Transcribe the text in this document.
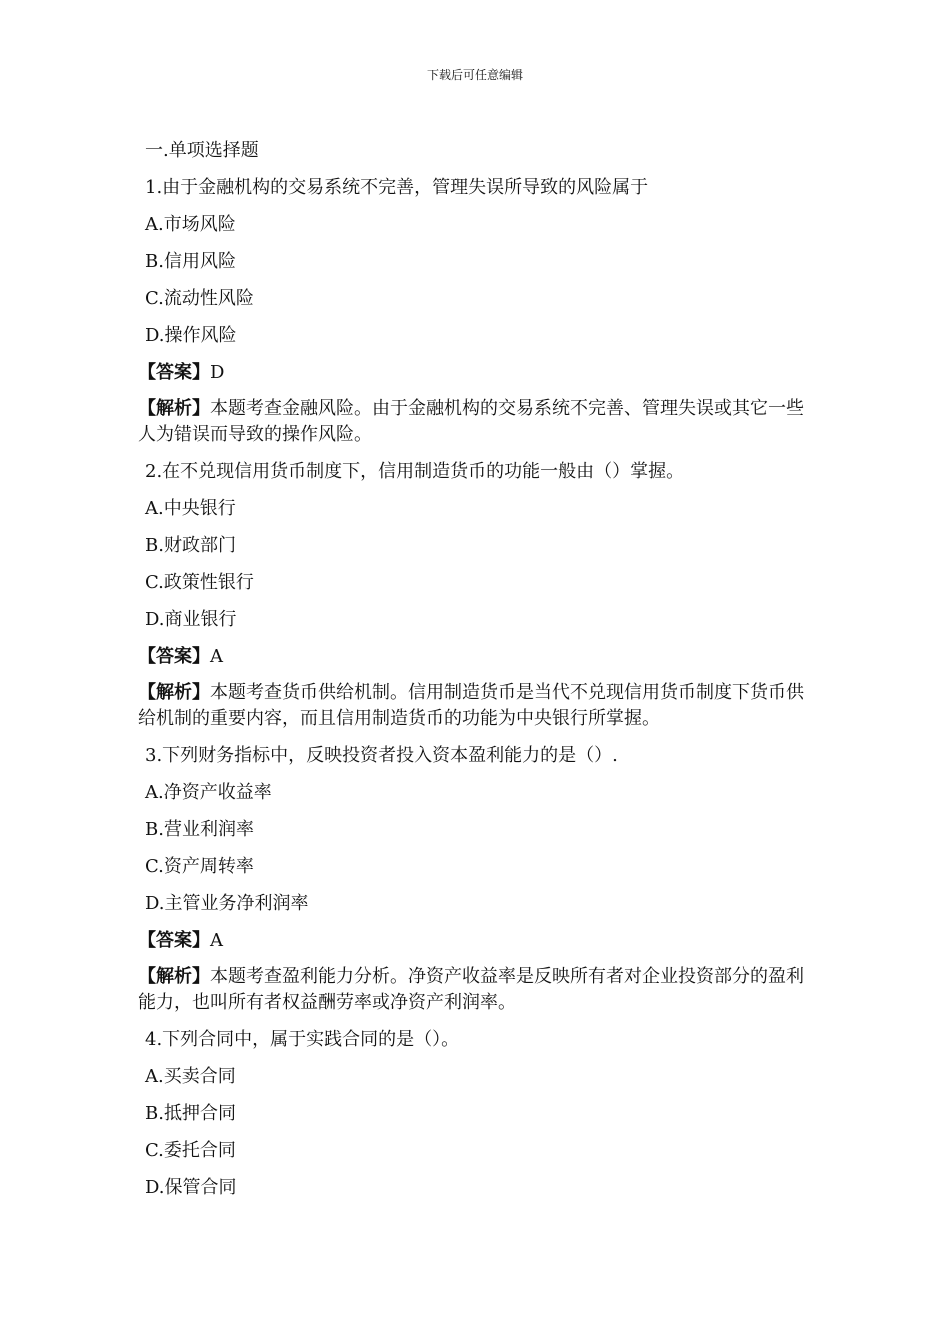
下载后可任意编辑
一.单项选择题
1.由于金融机构的交易系统不完善，管理失误所导致的风险属于
A.市场风险
B.信用风险
C.流动性风险
D.操作风险
【答案】D
【解析】本题考查金融风险。由于金融机构的交易系统不完善、管理失误或其它一些人为错误而导致的操作风险。
2.在不兑现信用货币制度下，信用制造货币的功能一般由（）掌握。
A.中央银行
B.财政部门
C.政策性银行
D.商业银行
【答案】A
【解析】本题考查货币供给机制。信用制造货币是当代不兑现信用货币制度下货币供给机制的重要内容，而且信用制造货币的功能为中央银行所掌握。
3.下列财务指标中，反映投资者投入资本盈利能力的是（）.
A.净资产收益率
B.营业利润率
C.资产周转率
D.主管业务净利润率
【答案】A
【解析】本题考查盈利能力分析。净资产收益率是反映所有者对企业投资部分的盈利能力，也叫所有者权益酬劳率或净资产利润率。
4.下列合同中，属于实践合同的是（）。
A.买卖合同
B.抵押合同
C.委托合同
D.保管合同
